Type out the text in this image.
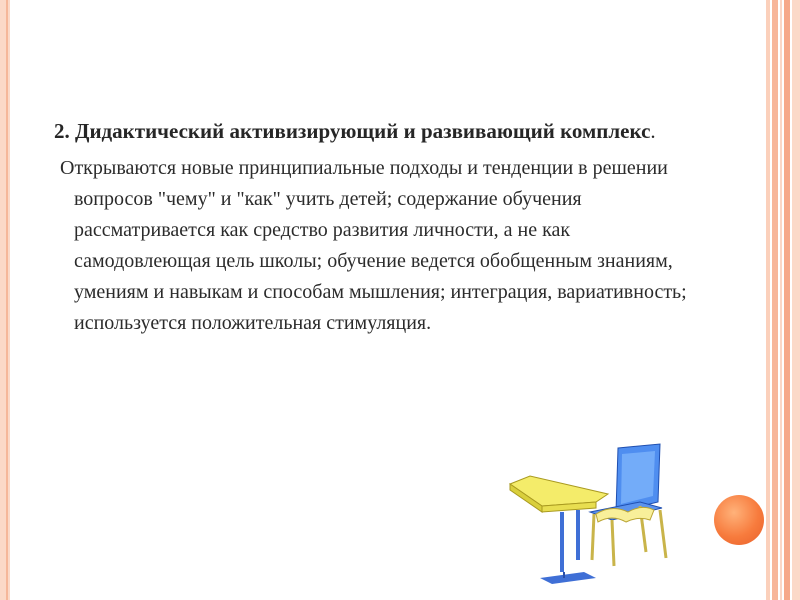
2. Дидактический активизирующий и развивающий комплекс.

Открываются новые принципиальные подходы и тенденции в решении вопросов "чему" и "как" учить детей; содержание обучения рассматривается как средство развития личности, а не как самодовлеющая цель школы; обучение ведется обобщенным знаниям, умениям и навыкам и способам мышления; интеграция, вариативность; используется положительная стимуляция.
